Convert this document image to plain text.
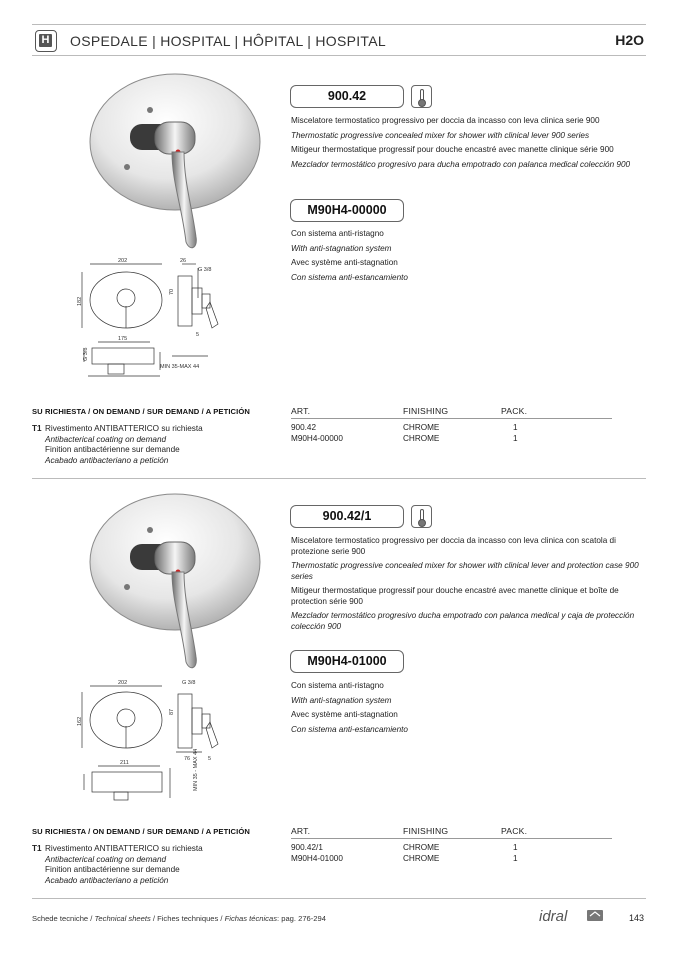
H OSPEDALE | HOSPITAL | HÔPITAL | HOSPITAL	H2O
202	26
G 3/8
182
70
5
175
G 3/8
MIN 35-MAX 44
900.42

Miscelatore termostatico progressivo per doccia da incasso con leva clinica serie 900

Thermostatic progressive concealed mixer for shower with clinical lever 900 series

Mitigeur thermostatique progressif pour douche encastré avec manette clinique série 900

Mezclador termostático progresivo para ducha empotrado con palanca medical colección 900

M90H4-00000

Con sistema anti-ristagno

With anti-stagnation system

Avec système anti-stagnation

Con sistema anti-estancamiento

SU RICHIESTA / ON DEMAND / SUR DEMAND / A PETICIÓN
T1 Rivestimento ANTIBATTERICO su richiesta
Antibacterical coating on demand
Finition antibactérienne sur demande
Acabado antibacteriano a petición
ART.	FINISHING	PACK.
900.42	CHROME	1
M90H4-00000	CHROME	1
202	G 3/8
162
87
76	5
211	MIN 35 - MAX 44
900.42/1

Miscelatore termostatico progressivo per doccia da incasso con leva clinica con scatola di protezione serie 900

Thermostatic progressive concealed mixer for shower with clinical lever and protection case 900 series

Mitigeur thermostatique progressif pour douche encastré avec manette clinique et boîte de protection série 900

Mezclador termostático progresivo ducha empotrado con palanca medical y caja de protección colección 900

M90H4-01000

Con sistema anti-ristagno

With anti-stagnation system

Avec système anti-stagnation

Con sistema anti-estancamiento

SU RICHIESTA / ON DEMAND / SUR DEMAND / A PETICIÓN
T1 Rivestimento ANTIBATTERICO su richiesta
Antibacterical coating on demand
Finition antibactérienne sur demande
Acabado antibacteriano a petición
ART.	FINISHING	PACK.
900.42/1	CHROME	1
M90H4-01000	CHROME	1
Schede tecniche / Technical sheets / Fiches techniques / Fichas técnicas: pag. 276-294	idral	143
